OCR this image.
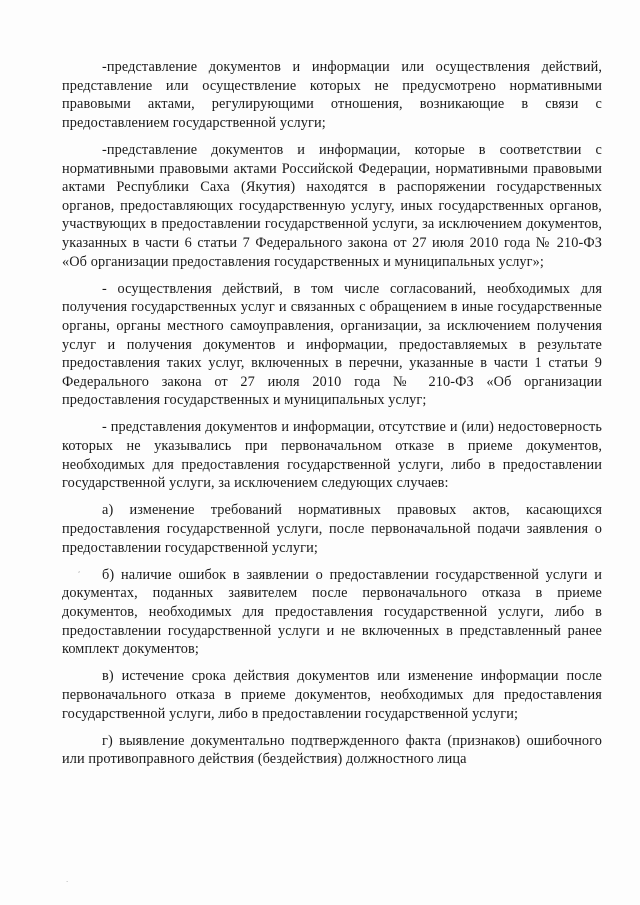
-представление документов и информации или осуществления действий, представление или осуществление которых не предусмотрено нормативными правовыми актами, регулирующими отношения, возникающие в связи с предоставлением государственной услуги;

-представление документов и информации, которые в соответствии с нормативными правовыми актами Российской Федерации, нормативными правовыми актами Республики Саха (Якутия) находятся в распоряжении государственных органов, предоставляющих государственную услугу, иных государственных органов, участвующих в предоставлении государственной услуги, за исключением документов, указанных в части 6 статьи 7 Федерального закона от 27 июля 2010 года № 210-ФЗ «Об организации предоставления государственных и муниципальных услуг»;

- осуществления действий, в том числе согласований, необходимых для получения государственных услуг и связанных с обращением в иные государственные органы, органы местного самоуправления, организации, за исключением получения услуг и получения документов и информации, предоставляемых в результате предоставления таких услуг, включенных в перечни, указанные в части 1 статьи 9 Федерального закона от 27 июля 2010 года № 210-ФЗ «Об организации предоставления государственных и муниципальных услуг;

- представления документов и информации, отсутствие и (или) недостоверность которых не указывались при первоначальном отказе в приеме документов, необходимых для предоставления государственной услуги, либо в предоставлении государственной услуги, за исключением следующих случаев:

а) изменение требований нормативных правовых актов, касающихся предоставления государственной услуги, после первоначальной подачи заявления о предоставлении государственной услуги;

б) наличие ошибок в заявлении о предоставлении государственной услуги и документах, поданных заявителем после первоначального отказа в приеме документов, необходимых для предоставления государственной услуги, либо в предоставлении государственной услуги и не включенных в представленный ранее комплект документов;

в) истечение срока действия документов или изменение информации после первоначального отказа в приеме документов, необходимых для предоставления государственной услуги, либо в предоставлении государственной услуги;

г) выявление документально подтвержденного факта (признаков) ошибочного или противоправного действия (бездействия) должностного лица

,
.
